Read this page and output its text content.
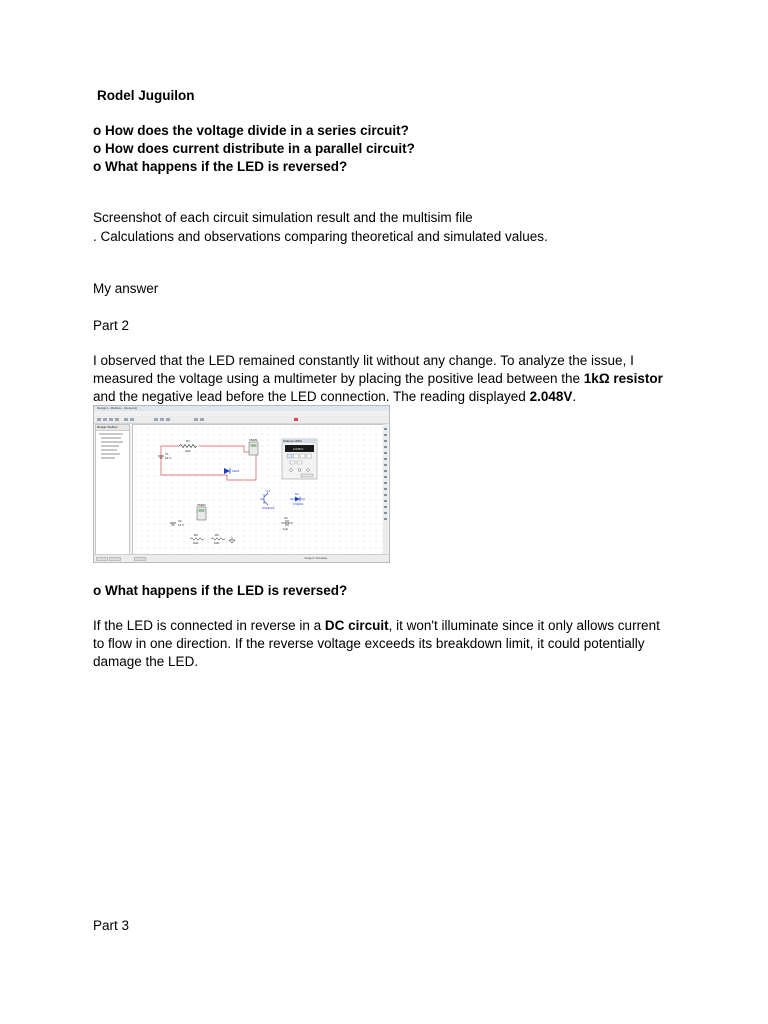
Rodel Juguilon
o How does the voltage divide in a series circuit?
o How does current distribute in a parallel circuit?
o What happens if the LED is reversed?
Screenshot of each circuit simulation result and the multisim file
. Calculations and observations comparing theoretical and simulated values.
My answer
Part 2
I observed that the LED remained constantly lit without any change. To analyze the issue, I measured the voltage using a multimeter by placing the positive lead between the 1kΩ resistor and the negative lead before the LED connection. The reading displayed 2.048V.
Design1 - Multisim - [Design1]
Design Toolbox
R1
1kΩ
V1
12 V
XMM1
LED1
Multimeter-XMM1
2.048 V
Q1
2N2222A
D1
1N4001
C1
1µF
XMM2
V2
12 V
R2
1kΩ
R3
1kΩ
Design1: Simulating...
o What happens if the LED is reversed?
If the LED is connected in reverse in a DC circuit, it won't illuminate since it only allows current to flow in one direction. If the reverse voltage exceeds its breakdown limit, it could potentially damage the LED.
Part 3
